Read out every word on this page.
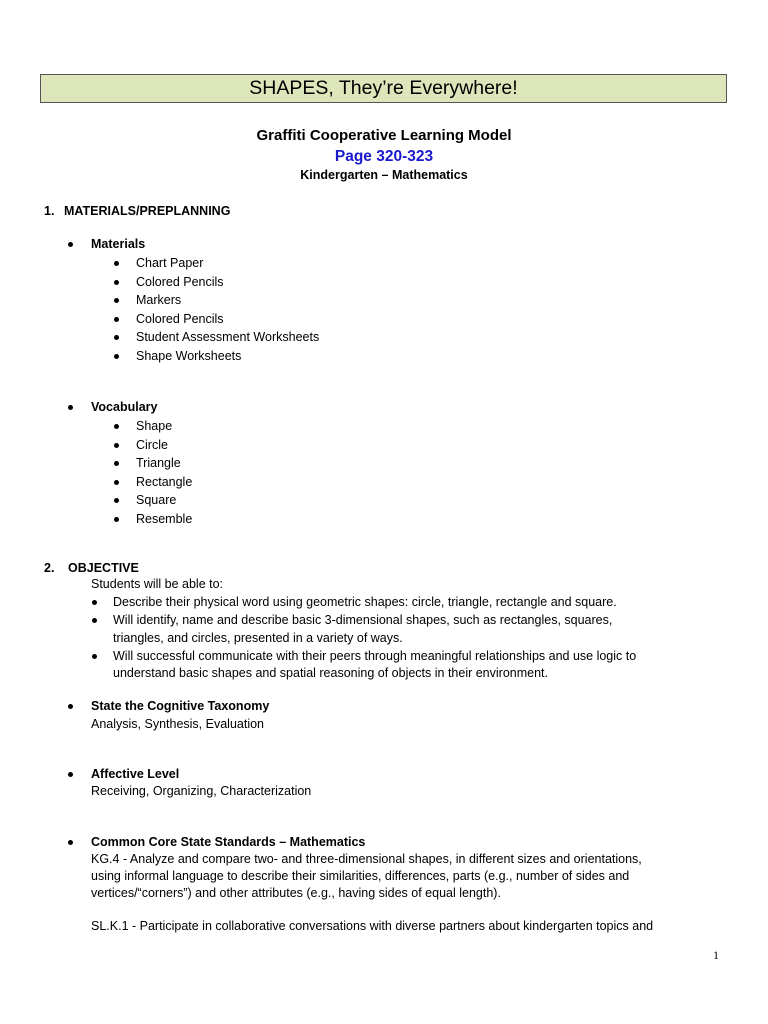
SHAPES, They’re Everywhere!
Graffiti Cooperative Learning Model
Page 320-323
Kindergarten – Mathematics
1. MATERIALS/PREPLANNING
Materials
Chart Paper
Colored Pencils
Markers
Colored Pencils
Student Assessment Worksheets
Shape Worksheets
Vocabulary
Shape
Circle
Triangle
Rectangle
Square
Resemble
2. OBJECTIVE
Students will be able to:
Describe their physical word using geometric shapes: circle, triangle, rectangle and square.
Will identify, name and describe basic 3-dimensional shapes, such as rectangles, squares,
triangles, and circles, presented in a variety of ways.
Will successful communicate with their peers through meaningful relationships and use logic to
understand basic shapes and spatial reasoning of objects in their environment.
State the Cognitive Taxonomy
Analysis, Synthesis, Evaluation
Affective Level
Receiving, Organizing, Characterization
Common Core State Standards – Mathematics
KG.4 - Analyze and compare two- and three-dimensional shapes, in different sizes and orientations,
using informal language to describe their similarities, differences, parts (e.g., number of sides and
vertices/“corners”) and other attributes (e.g., having sides of equal length).
SL.K.1 - Participate in collaborative conversations with diverse partners about kindergarten topics and
1
